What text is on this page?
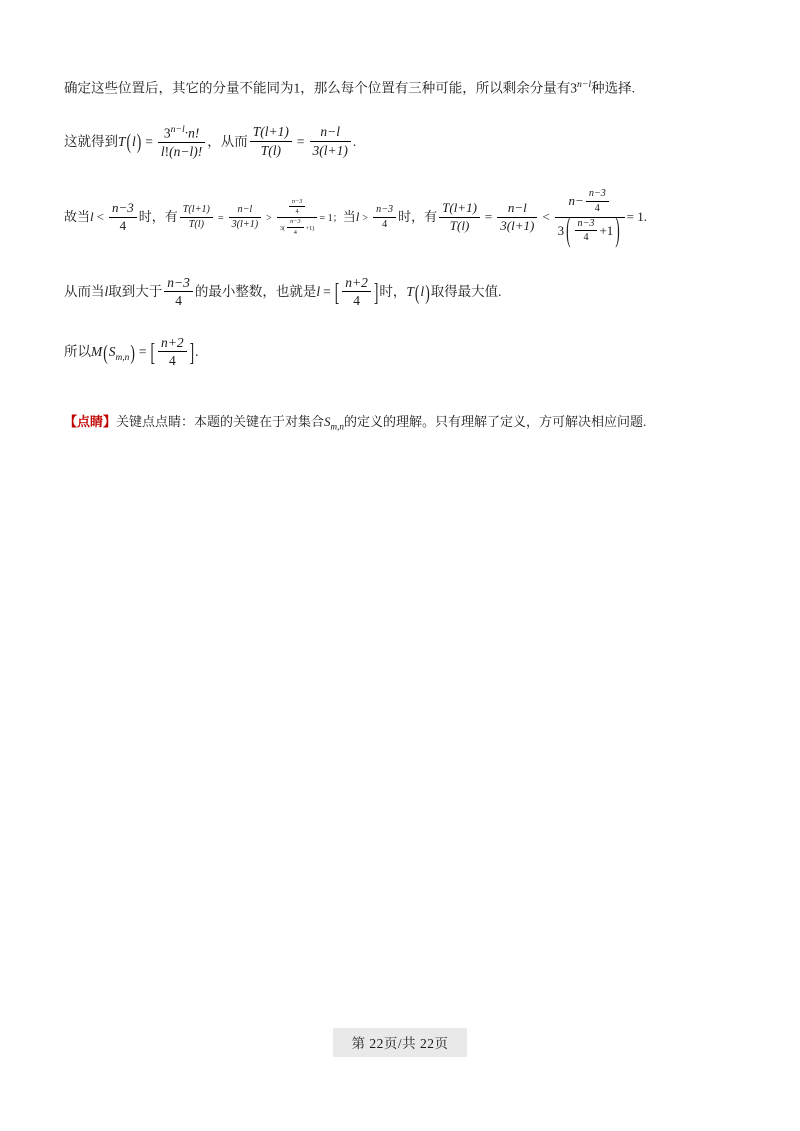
确定这些位置后，其它的分量不能同为1，那么每个位置有三种可能，所以剩余分量有$3^{n-l}$种选择.

这就得到$T(l) = \frac{3^{n-l}\cdot n!}{l!(n-l)!}$ ，从而 $\frac{T(l+1)}{T(l)} = \frac{n-l}{3(l+1)}$ .

故当$l < \frac{n-3}{4}$ 时，有 $\frac{T(l+1)}{T(l)} = \frac{n-l}{3(l+1)} > \frac{\frac{n-3}{4}}{3( \frac{n-3}{4} +1)} = 1$；当$l > \frac{n-3}{4}$ 时，有 $\frac{T(l+1)}{T(l)} = \frac{n-l}{3(l+1)} < \frac{n- \frac{n-3}{4}}{3 ( \frac{n-3}{4} +1 )} = 1$.

从而当l取到大于 $\frac{n-3}{4}$ 的最小整数，也就是l = [ $\frac{n+2}{4}$ ]时，T(l)取得最大值.

所以$M(S_{m,n})$ = [ $\frac{n+2}{4}$ ].

【点睛】关键点点睛：本题的关键在于对集合$S_{m,n}$的定义的理解。只有理解了定义，方可解决相应问题.

第 22页/共 22页
